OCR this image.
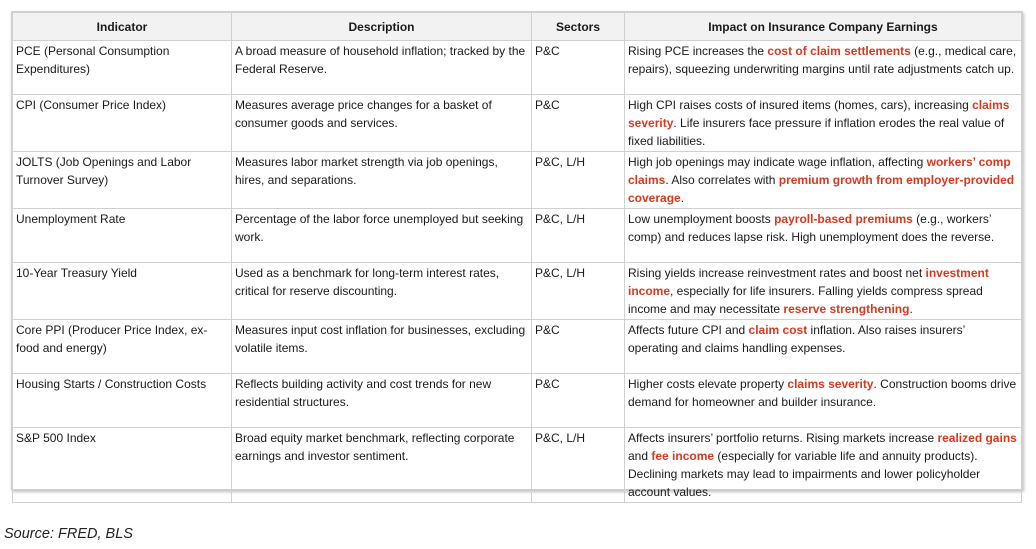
Indicator	Description	Sectors	Impact on Insurance Company Earnings
PCE (Personal Consumption Expenditures)	A broad measure of household inflation; tracked by the Federal Reserve.	P&C	Rising PCE increases the cost of claim settlements (e.g., medical care, repairs), squeezing underwriting margins until rate adjustments catch up.
CPI (Consumer Price Index)	Measures average price changes for a basket of consumer goods and services.	P&C	High CPI raises costs of insured items (homes, cars), increasing claims severity. Life insurers face pressure if inflation erodes the real value of fixed liabilities.
JOLTS (Job Openings and Labor Turnover Survey)	Measures labor market strength via job openings, hires, and separations.	P&C, L/H	High job openings may indicate wage inflation, affecting workers’ comp claims. Also correlates with premium growth from employer-provided coverage.
Unemployment Rate	Percentage of the labor force unemployed but seeking work.	P&C, L/H	Low unemployment boosts payroll-based premiums (e.g., workers’ comp) and reduces lapse risk. High unemployment does the reverse.
10-Year Treasury Yield	Used as a benchmark for long-term interest rates, critical for reserve discounting.	P&C, L/H	Rising yields increase reinvestment rates and boost net investment income, especially for life insurers. Falling yields compress spread income and may necessitate reserve strengthening.
Core PPI (Producer Price Index, ex-food and energy)	Measures input cost inflation for businesses, excluding volatile items.	P&C	Affects future CPI and claim cost inflation. Also raises insurers’ operating and claims handling expenses.
Housing Starts / Construction Costs	Reflects building activity and cost trends for new residential structures.	P&C	Higher costs elevate property claims severity. Construction booms drive demand for homeowner and builder insurance.
S&P 500 Index	Broad equity market benchmark, reflecting corporate earnings and investor sentiment.	P&C, L/H	Affects insurers’ portfolio returns. Rising markets increase realized gains and fee income (especially for variable life and annuity products). Declining markets may lead to impairments and lower policyholder account values.
Source: FRED, BLS
